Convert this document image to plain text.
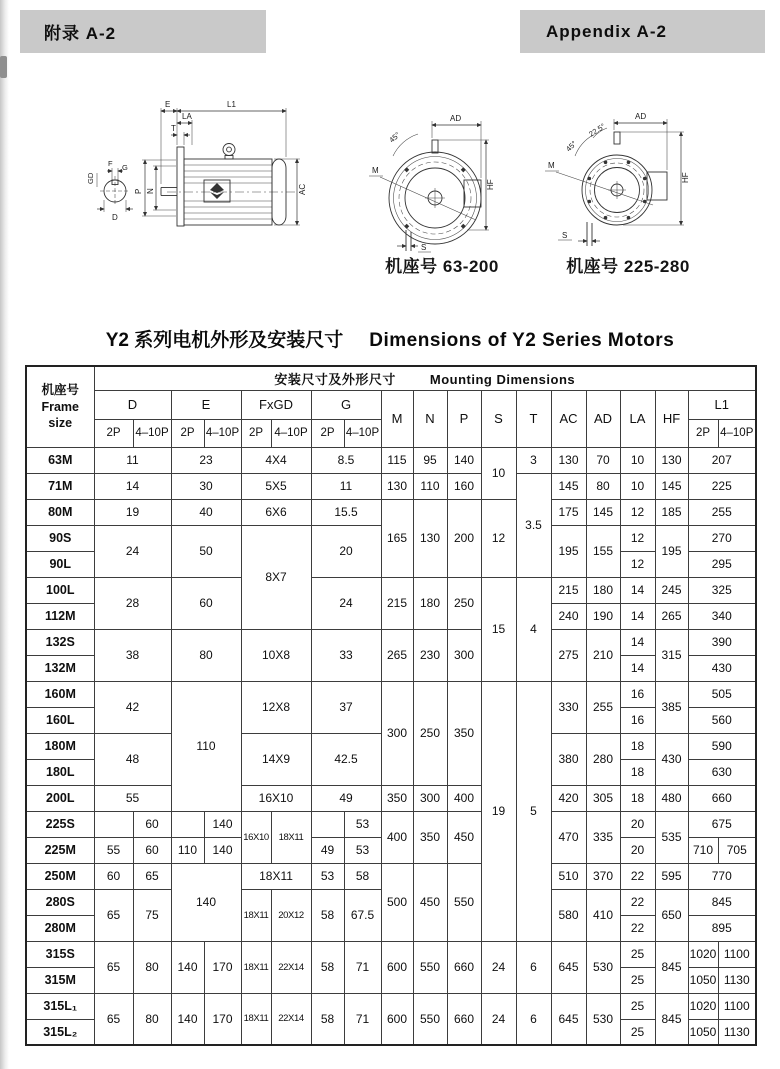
附录 A-2	Appendix A-2
F G
GD
D
E	L1
LA
T
P N	AC
AD
45°
M
HF
S
AD
22.5°
45°
M
HF
S
机座号 63-200	机座号 225-280
Y2 系列电机外形及安装尺寸 Dimensions of Y2 Series Motors
机座号
Frame
size	安装尺寸及外形尺寸 Mounting Dimensions																		
	D		E		FxGD		G		M	N	P	S	T	AC	AD	LA	HF	L1	
	2P	4–10P	2P	4–10P	2P	4–10P	2P	4–10P										2P	4–10P
63M	11		23		4X4		8.5		115	95	140	10	3	130	70	10	130	207	
71M	14		30		5X5		11		130	110	160		3.5	145	80	10	145	225	
80M	19		40		6X6		15.5		165	130	200	12		175	145	12	185	255	
90S	24		50		8X7		20							195	155	12	195	270	
90L																12		295	
100L	28		60				24		215	180	250	15	4	215	180	14	245	325	
112M														240	190	14	265	340	
132S	38		80		10X8		33		265	230	300			275	210	14	315	390	
132M																14		430	
160M	42		110		12X8		37		300	250	350	19	5	330	255	16	385	505	
160L																16		560	
180M	48				14X9		42.5							380	280	18	430	590	
180L																18		630	
200L	55				16X10		49		350	300	400			420	305	18	480	660	
225S		60		140	16X10	18X11		53	400	350	450			470	335	20	535	675	
225M	55	60	110	140			49	53								20		710	705
250M	60	65	140		18X11		53	58	500	450	550			510	370	22	595	770	
280S	65	75			18X11	20X12	58	67.5						580	410	22	650	845	
280M																22		895	
315S	65	80	140	170	18X11	22X14	58	71	600	550	660	24	6	645	530	25	845	1020	1100
315M																25		1050	1130
315L₁	65	80	140	170	18X11	22X14	58	71	600	550	660	24	6	645	530	25	845	1020	1100
315L₂																25		1050	1130
